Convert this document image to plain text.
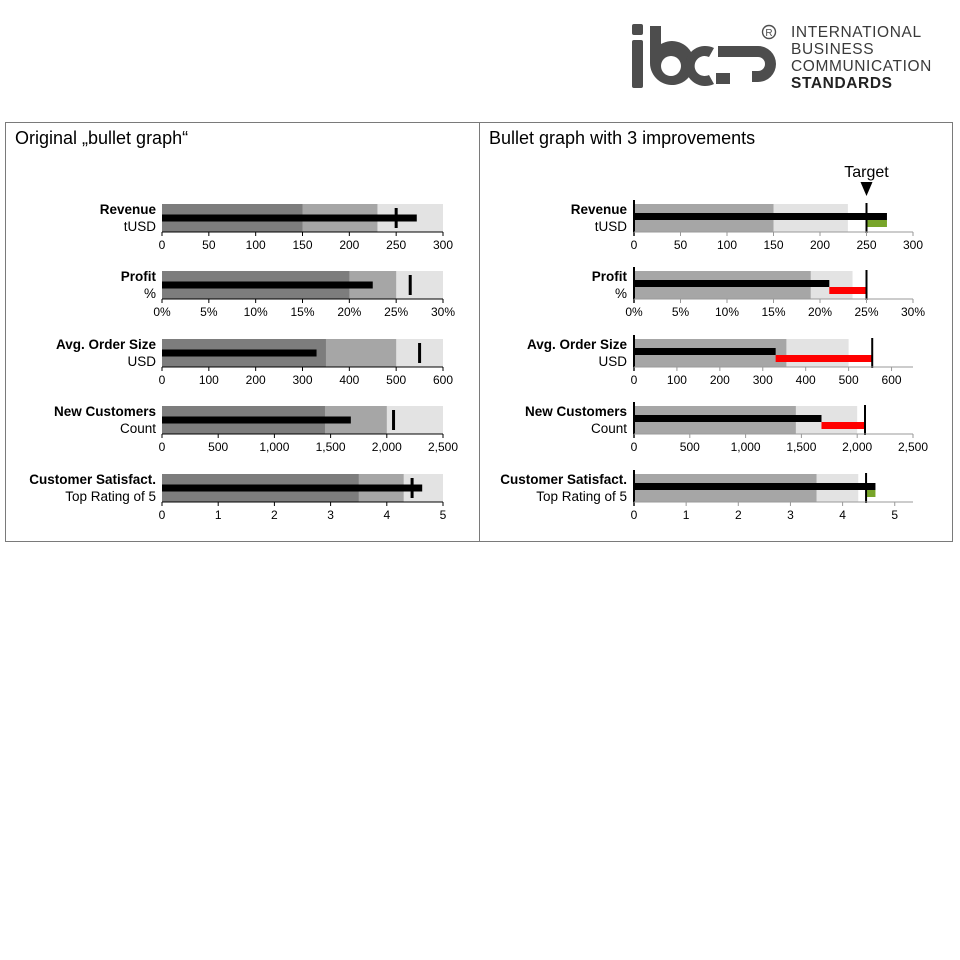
R INTERNATIONAL
BUSINESS
COMMUNICATION
STANDARDS
Original „bullet graph“	Bullet graph with 3 improvements
0	50	100 150 200 250 300
Revenue
tUSD
0% 5% 10% 15% 20% 25% 30%
Profit
%
0	100 200 300 400 500 600
Avg. Order Size
USD
0	500	1,000 1,500 2,000 2,500
New Customers
Count
0	1	2	3	4	5
Customer Satisfact.
Top Rating of 5
0	50 100 150 200 250 300
Revenue
tUSD
0% 5% 10% 15% 20% 25% 30%
Profit
%
0 100 200 300 400 500 600
Avg. Order Size
USD
0	500	1,000 1,500 2,000 2,500
New Customers
Count
0	1	2	3	4	5
Customer Satisfact.
Top Rating of 5
Target
